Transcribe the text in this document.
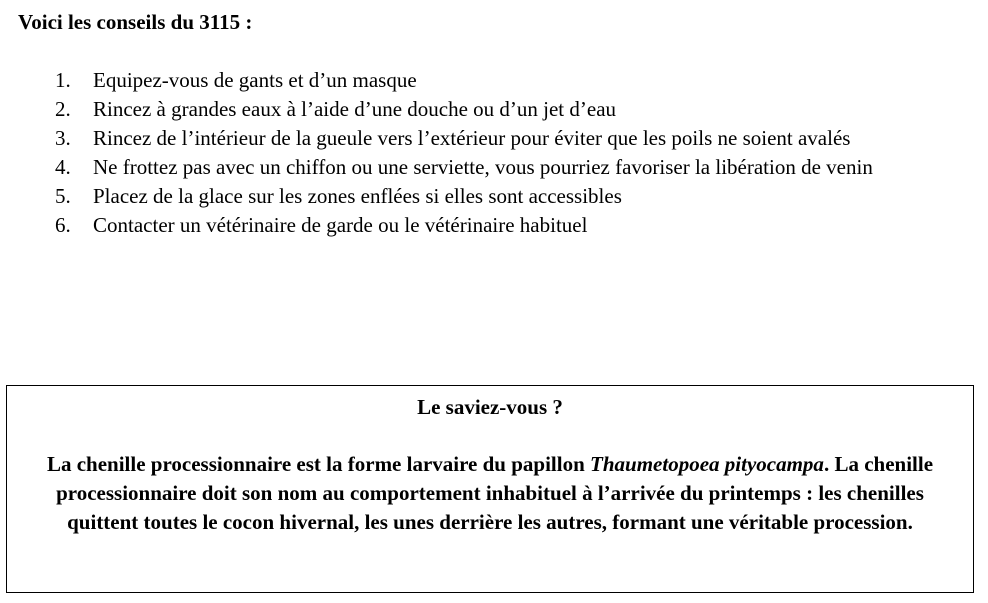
Voici les conseils du 3115 :
1.	Equipez-vous de gants et d’un masque
2.	Rincez à grandes eaux à l’aide d’une douche ou d’un jet d’eau
3.	Rincez de l’intérieur de la gueule vers l’extérieur pour éviter que les poils ne soient avalés
4.	Ne frottez pas avec un chiffon ou une serviette, vous pourriez favoriser la libération de venin
5.	Placez de la glace sur les zones enflées si elles sont accessibles
6.	Contacter un vétérinaire de garde ou le vétérinaire habituel
Le saviez-vous ?
La chenille processionnaire est la forme larvaire du papillon Thaumetopoea pityocampa. La chenille processionnaire doit son nom au comportement inhabituel à l’arrivée du printemps : les chenilles quittent toutes le cocon hivernal, les unes derrière les autres, formant une véritable procession.
